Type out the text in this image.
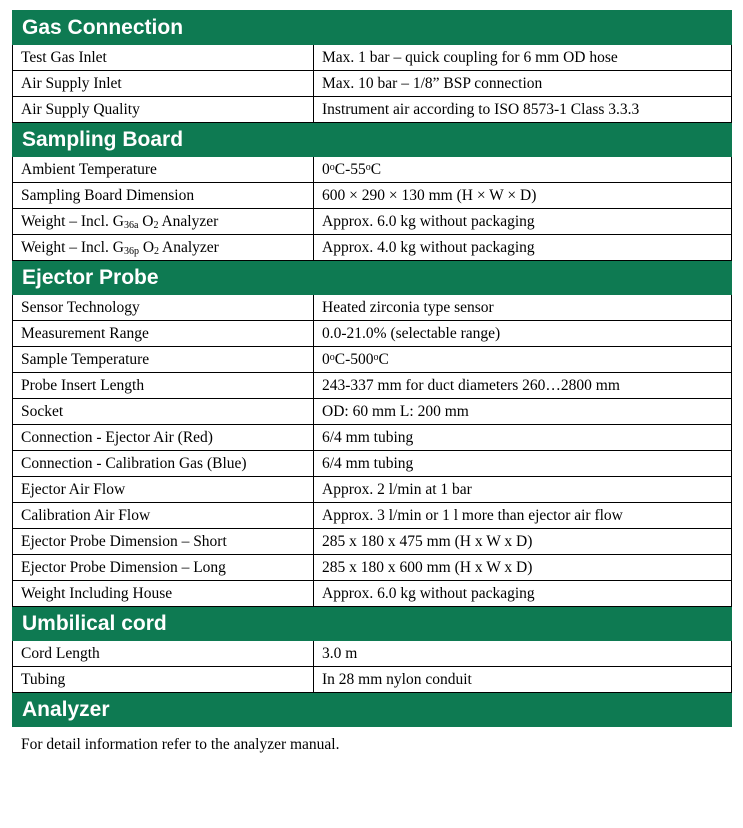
Gas Connection	
Test Gas Inlet	Max. 1 bar – quick coupling for 6 mm OD hose
Air Supply Inlet	Max. 10 bar – 1/8” BSP connection
Air Supply Quality	Instrument air according to ISO 8573-1 Class 3.3.3
Sampling Board	
Ambient Temperature	0$^o$C-55$^o$C
Sampling Board Dimension	600 × 290 × 130 mm (H × W × D)
Weight – Incl. $G_{36a}$ $O_2$ Analyzer	Approx. 6.0 kg without packaging
Weight – Incl. $G_{36p}$ $O_2$ Analyzer	Approx. 4.0 kg without packaging
Ejector Probe	
Sensor Technology	Heated zirconia type sensor
Measurement Range	0.0-21.0% (selectable range)
Sample Temperature	0$^o$C-500$^o$C
Probe Insert Length	243-337 mm for duct diameters 260…2800 mm
Socket	OD: 60 mm L: 200 mm
Connection - Ejector Air (Red)	6/4 mm tubing
Connection - Calibration Gas (Blue)	6/4 mm tubing
Ejector Air Flow	Approx. 2 l/min at 1 bar
Calibration Air Flow	Approx. 3 l/min or 1 l more than ejector air flow
Ejector Probe Dimension – Short	285 x 180 x 475 mm (H x W x D)
Ejector Probe Dimension – Long	285 x 180 x 600 mm (H x W x D)
Weight Including House	Approx. 6.0 kg without packaging
Umbilical cord	
Cord Length	3.0 m
Tubing	In 28 mm nylon conduit
Analyzer	
For detail information refer to the analyzer manual.
